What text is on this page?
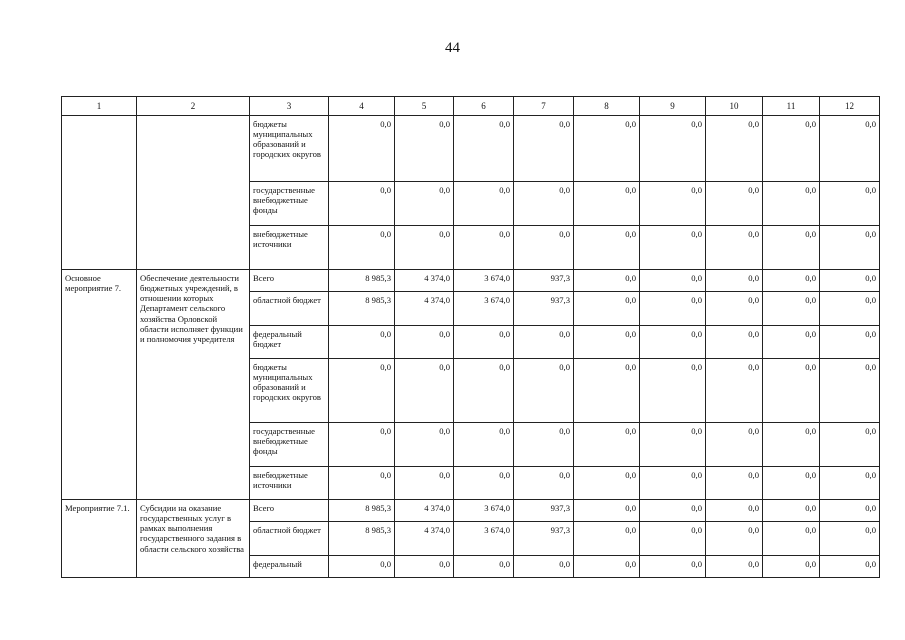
44
1	2	3	4	5	6	7	8	9	10	11	12
		бюджеты муниципальных образований и городских округов	0,0	0,0	0,0	0,0	0,0	0,0	0,0	0,0	0,0
		государственные внебюджетные фонды	0,0	0,0	0,0	0,0	0,0	0,0	0,0	0,0	0,0
		внебюджетные источники	0,0	0,0	0,0	0,0	0,0	0,0	0,0	0,0	0,0
Основное мероприятие 7.	Обеспечение деятельности бюджетных учреждений, в отношении которых Департамент сельского хозяйства Орловской области исполняет функции и полномочия учредителя	Всего	8 985,3	4 374,0	3 674,0	937,3	0,0	0,0	0,0	0,0	0,0
		областной бюджет	8 985,3	4 374,0	3 674,0	937,3	0,0	0,0	0,0	0,0	0,0
		федеральный бюджет	0,0	0,0	0,0	0,0	0,0	0,0	0,0	0,0	0,0
		бюджеты муниципальных образований и городских округов	0,0	0,0	0,0	0,0	0,0	0,0	0,0	0,0	0,0
		государственные внебюджетные фонды	0,0	0,0	0,0	0,0	0,0	0,0	0,0	0,0	0,0
		внебюджетные источники	0,0	0,0	0,0	0,0	0,0	0,0	0,0	0,0	0,0
Мероприятие 7.1.	Субсидии на оказание государственных услуг в рамках выполнения государственного задания в области сельского хозяйства	Всего	8 985,3	4 374,0	3 674,0	937,3	0,0	0,0	0,0	0,0	0,0
		областной бюджет	8 985,3	4 374,0	3 674,0	937,3	0,0	0,0	0,0	0,0	0,0
		федеральный	0,0	0,0	0,0	0,0	0,0	0,0	0,0	0,0	0,0
